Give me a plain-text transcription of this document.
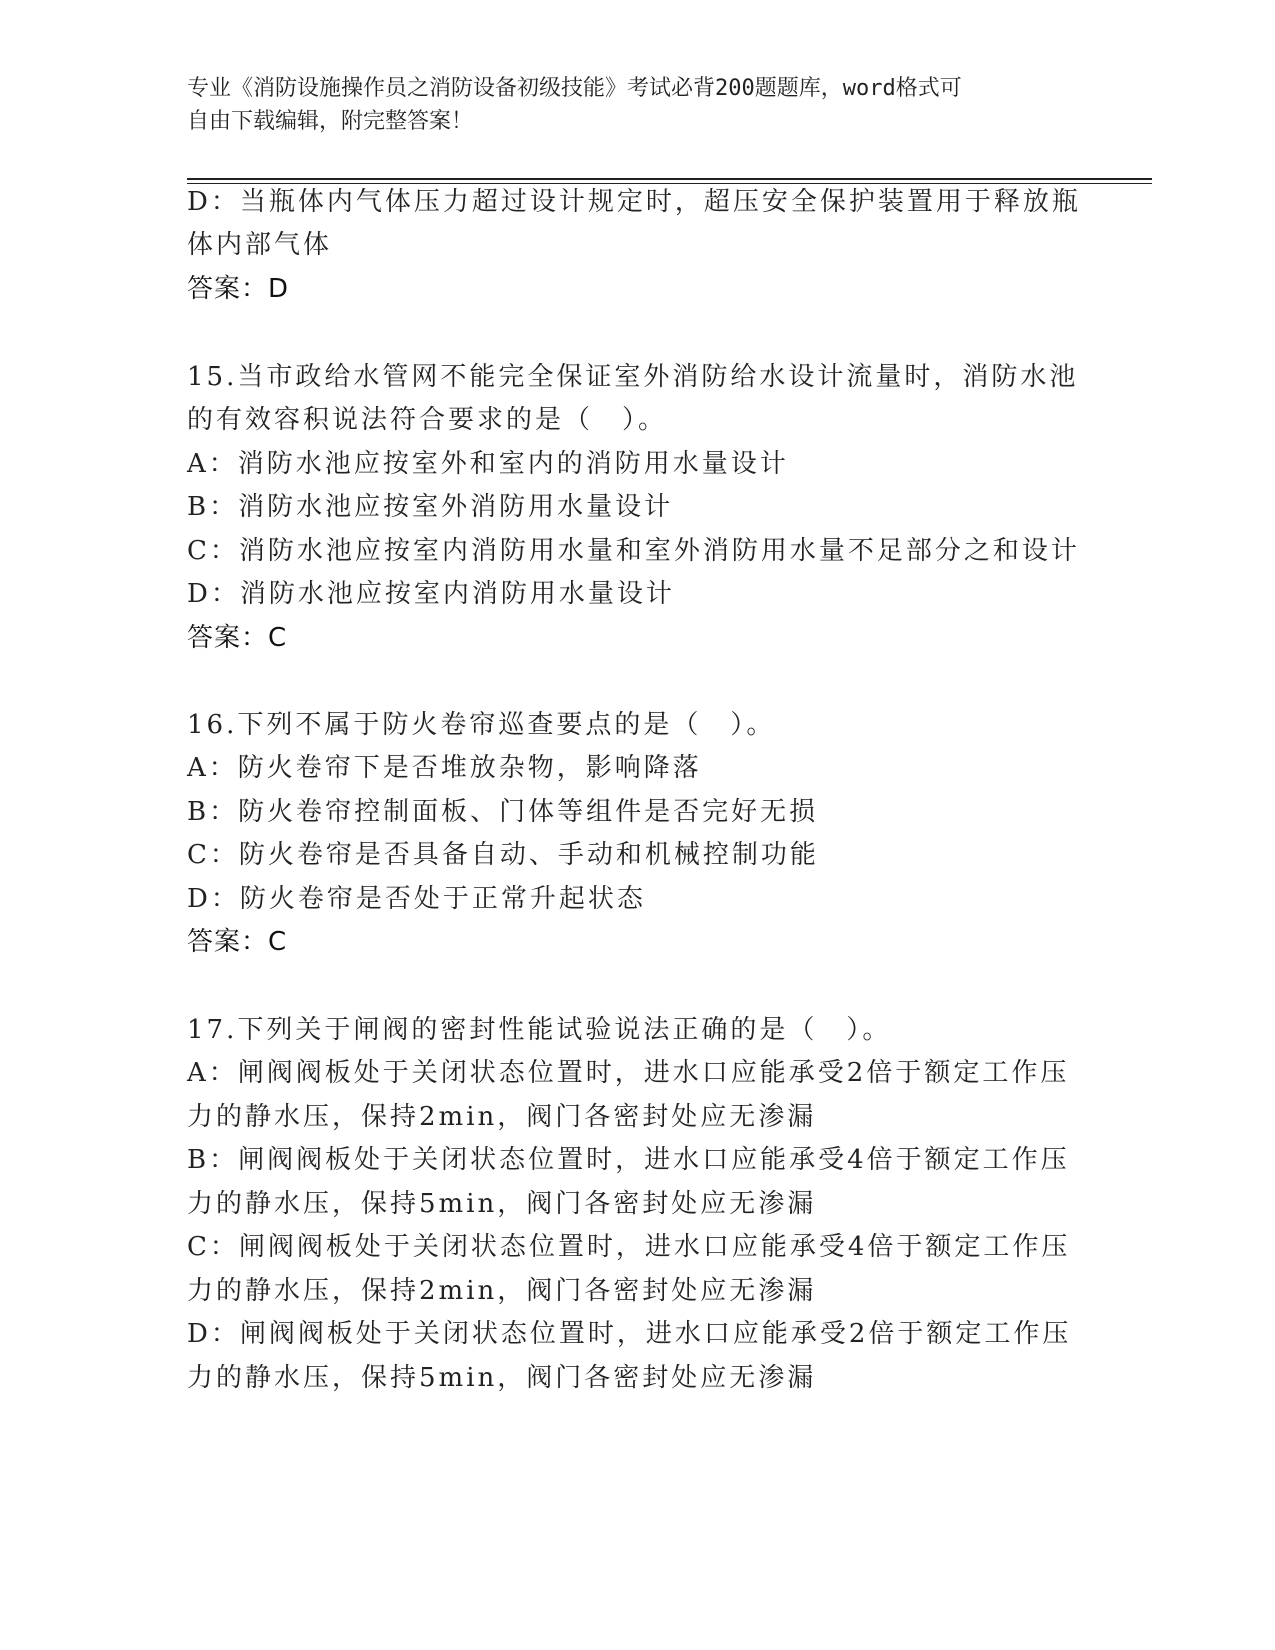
专业《消防设施操作员之消防设备初级技能》考试必背200题题库，word格式可
自由下载编辑，附完整答案！
D：当瓶体内气体压力超过设计规定时，超压安全保护装置用于释放瓶
体内部气体
答案：D
15.当市政给水管网不能完全保证室外消防给水设计流量时，消防水池
的有效容积说法符合要求的是（　）。
A：消防水池应按室外和室内的消防用水量设计
B：消防水池应按室外消防用水量设计
C：消防水池应按室内消防用水量和室外消防用水量不足部分之和设计
D：消防水池应按室内消防用水量设计
答案：C
16.下列不属于防火卷帘巡查要点的是（　）。
A：防火卷帘下是否堆放杂物，影响降落
B：防火卷帘控制面板、门体等组件是否完好无损
C：防火卷帘是否具备自动、手动和机械控制功能
D：防火卷帘是否处于正常升起状态
答案：C
17.下列关于闸阀的密封性能试验说法正确的是（　）。
A：闸阀阀板处于关闭状态位置时，进水口应能承受2倍于额定工作压
力的静水压，保持2min，阀门各密封处应无渗漏
B：闸阀阀板处于关闭状态位置时，进水口应能承受4倍于额定工作压
力的静水压，保持5min，阀门各密封处应无渗漏
C：闸阀阀板处于关闭状态位置时，进水口应能承受4倍于额定工作压
力的静水压，保持2min，阀门各密封处应无渗漏
D：闸阀阀板处于关闭状态位置时，进水口应能承受2倍于额定工作压
力的静水压，保持5min，阀门各密封处应无渗漏
